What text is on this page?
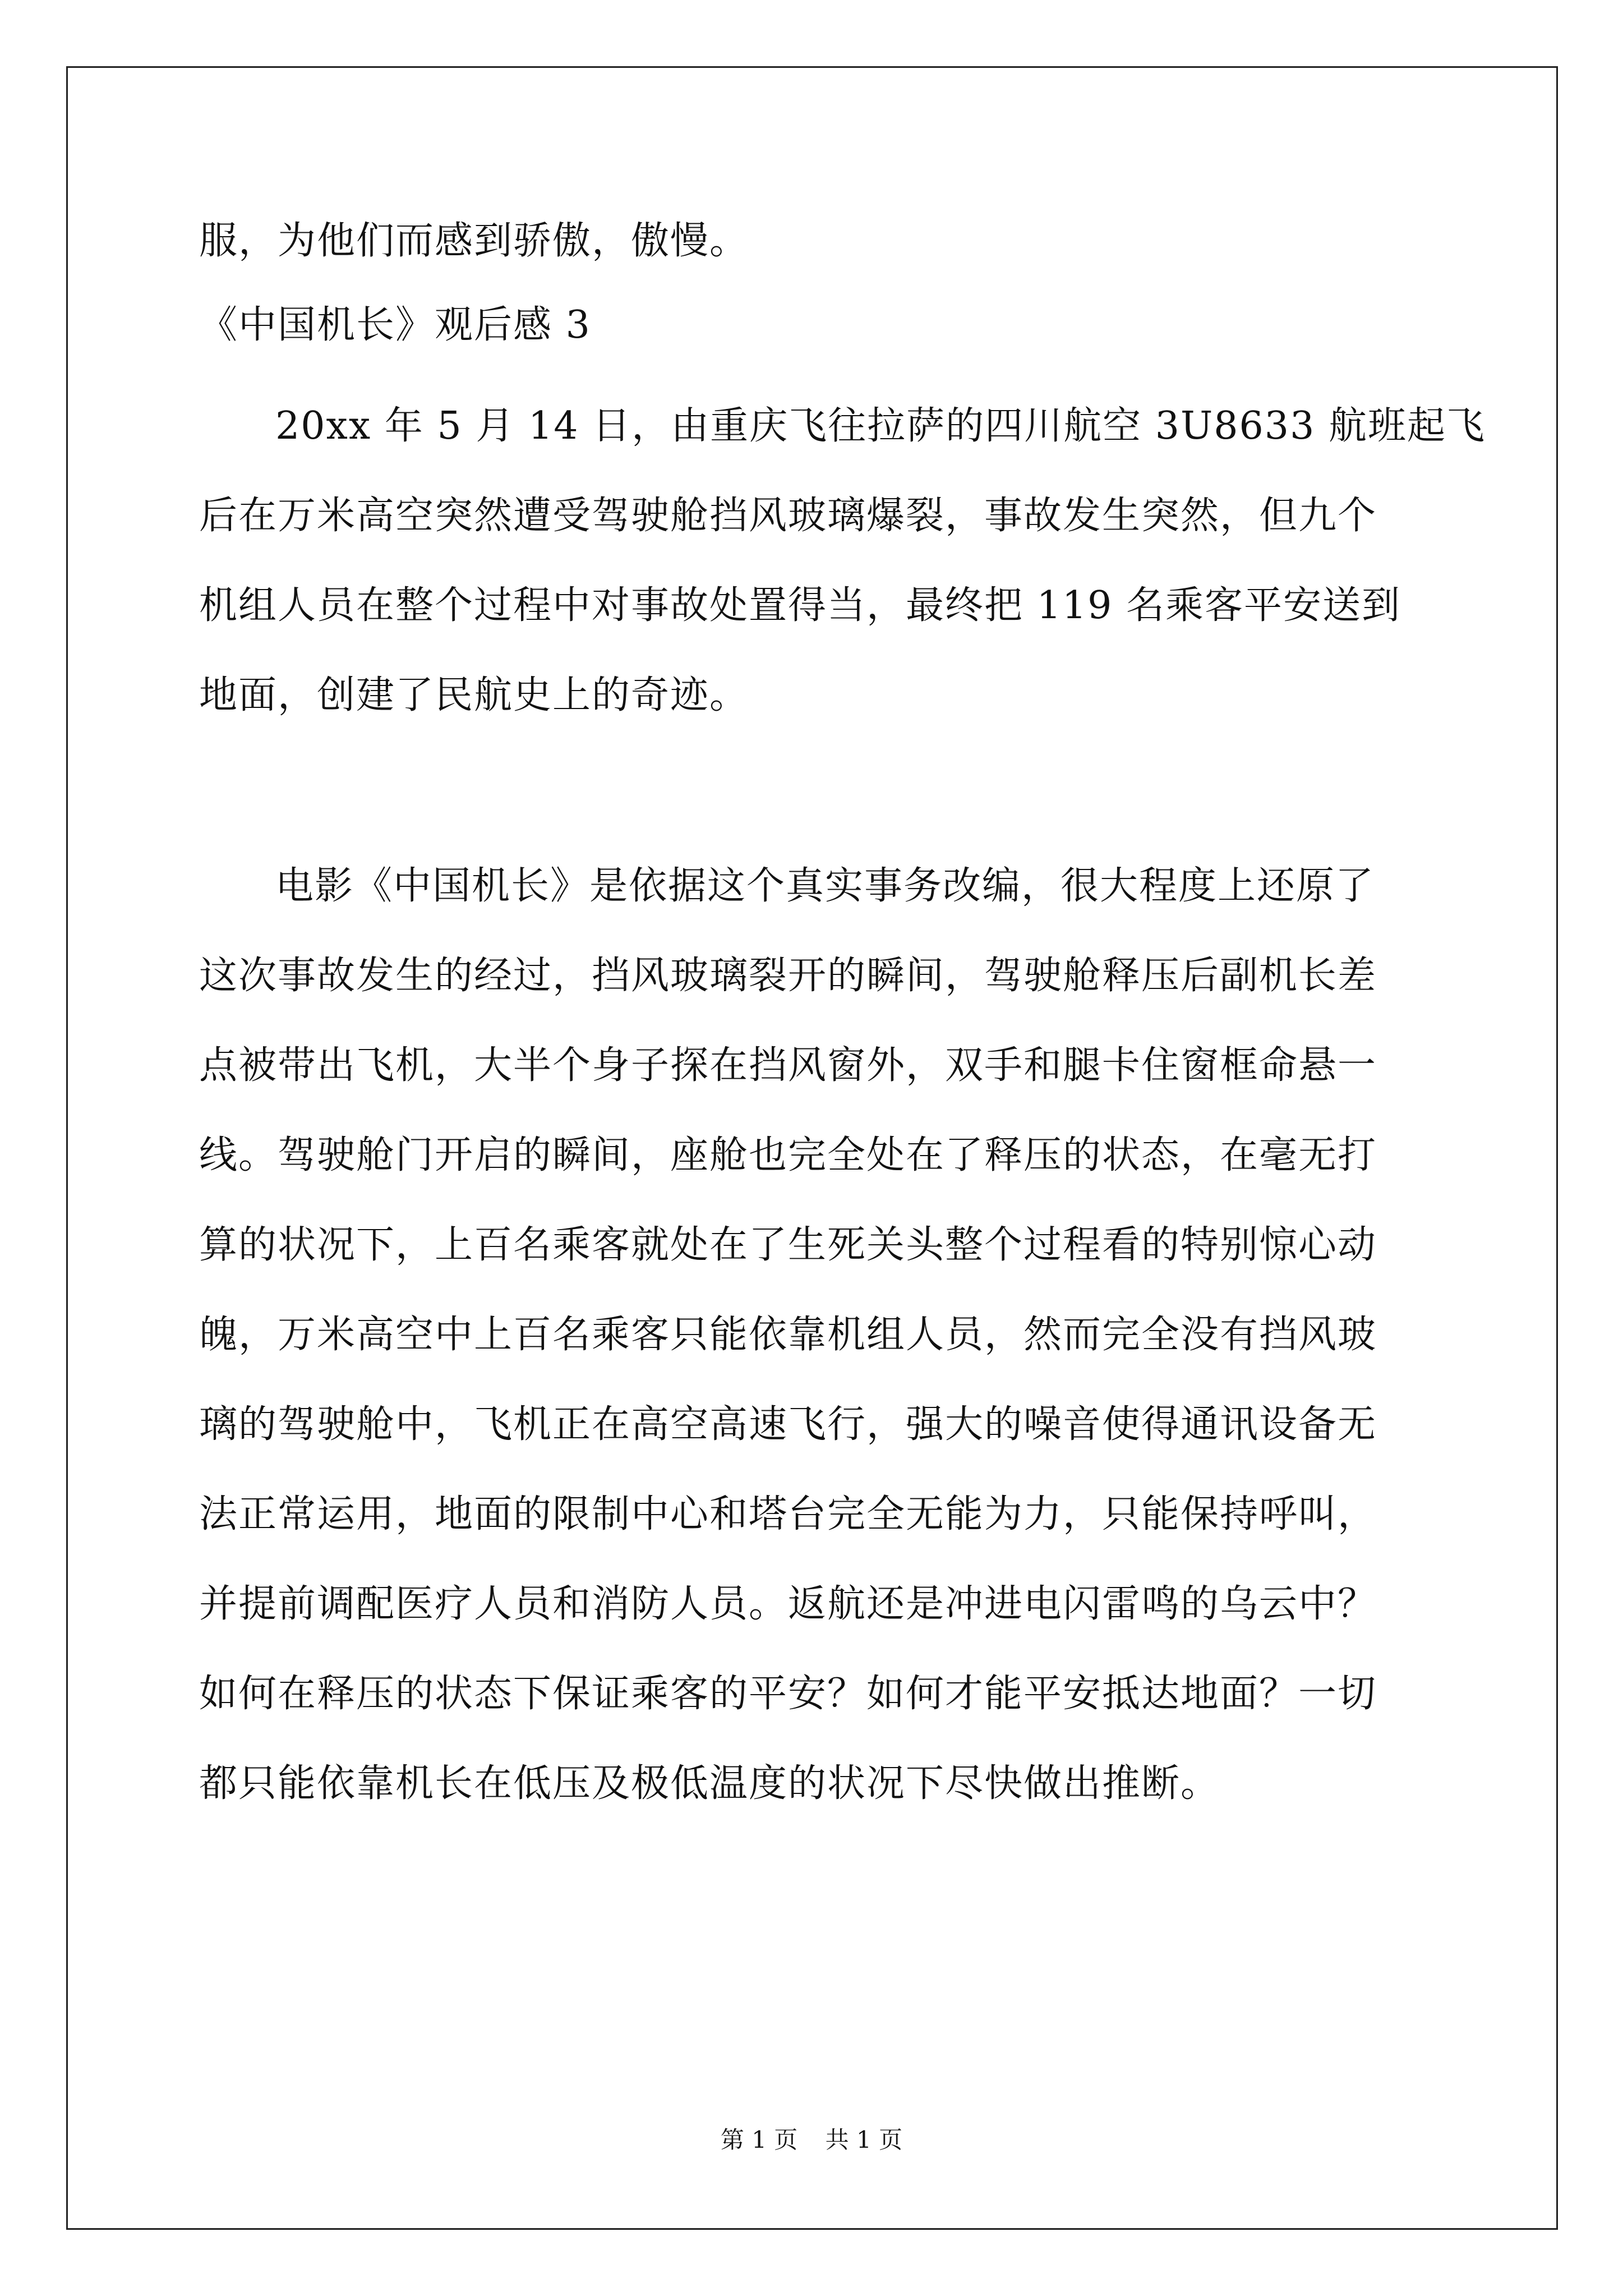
服，为他们而感到骄傲，傲慢。
《中国机长》观后感 3
20xx 年 5 月 14 日，由重庆飞往拉萨的四川航空 3U8633 航班起飞
后在万米高空突然遭受驾驶舱挡风玻璃爆裂，事故发生突然，但九个
机组人员在整个过程中对事故处置得当，最终把 119 名乘客平安送到
地面，创建了民航史上的奇迹。
电影《中国机长》是依据这个真实事务改编，很大程度上还原了
这次事故发生的经过，挡风玻璃裂开的瞬间，驾驶舱释压后副机长差
点被带出飞机，大半个身子探在挡风窗外，双手和腿卡住窗框命悬一
线。驾驶舱门开启的瞬间，座舱也完全处在了释压的状态，在毫无打
算的状况下，上百名乘客就处在了生死关头整个过程看的特别惊心动
魄，万米高空中上百名乘客只能依靠机组人员，然而完全没有挡风玻
璃的驾驶舱中，飞机正在高空高速飞行，强大的噪音使得通讯设备无
法正常运用，地面的限制中心和塔台完全无能为力，只能保持呼叫，
并提前调配医疗人员和消防人员。返航还是冲进电闪雷鸣的乌云中？
如何在释压的状态下保证乘客的平安？如何才能平安抵达地面？一切
都只能依靠机长在低压及极低温度的状况下尽快做出推断。
第 1 页 共 1 页
